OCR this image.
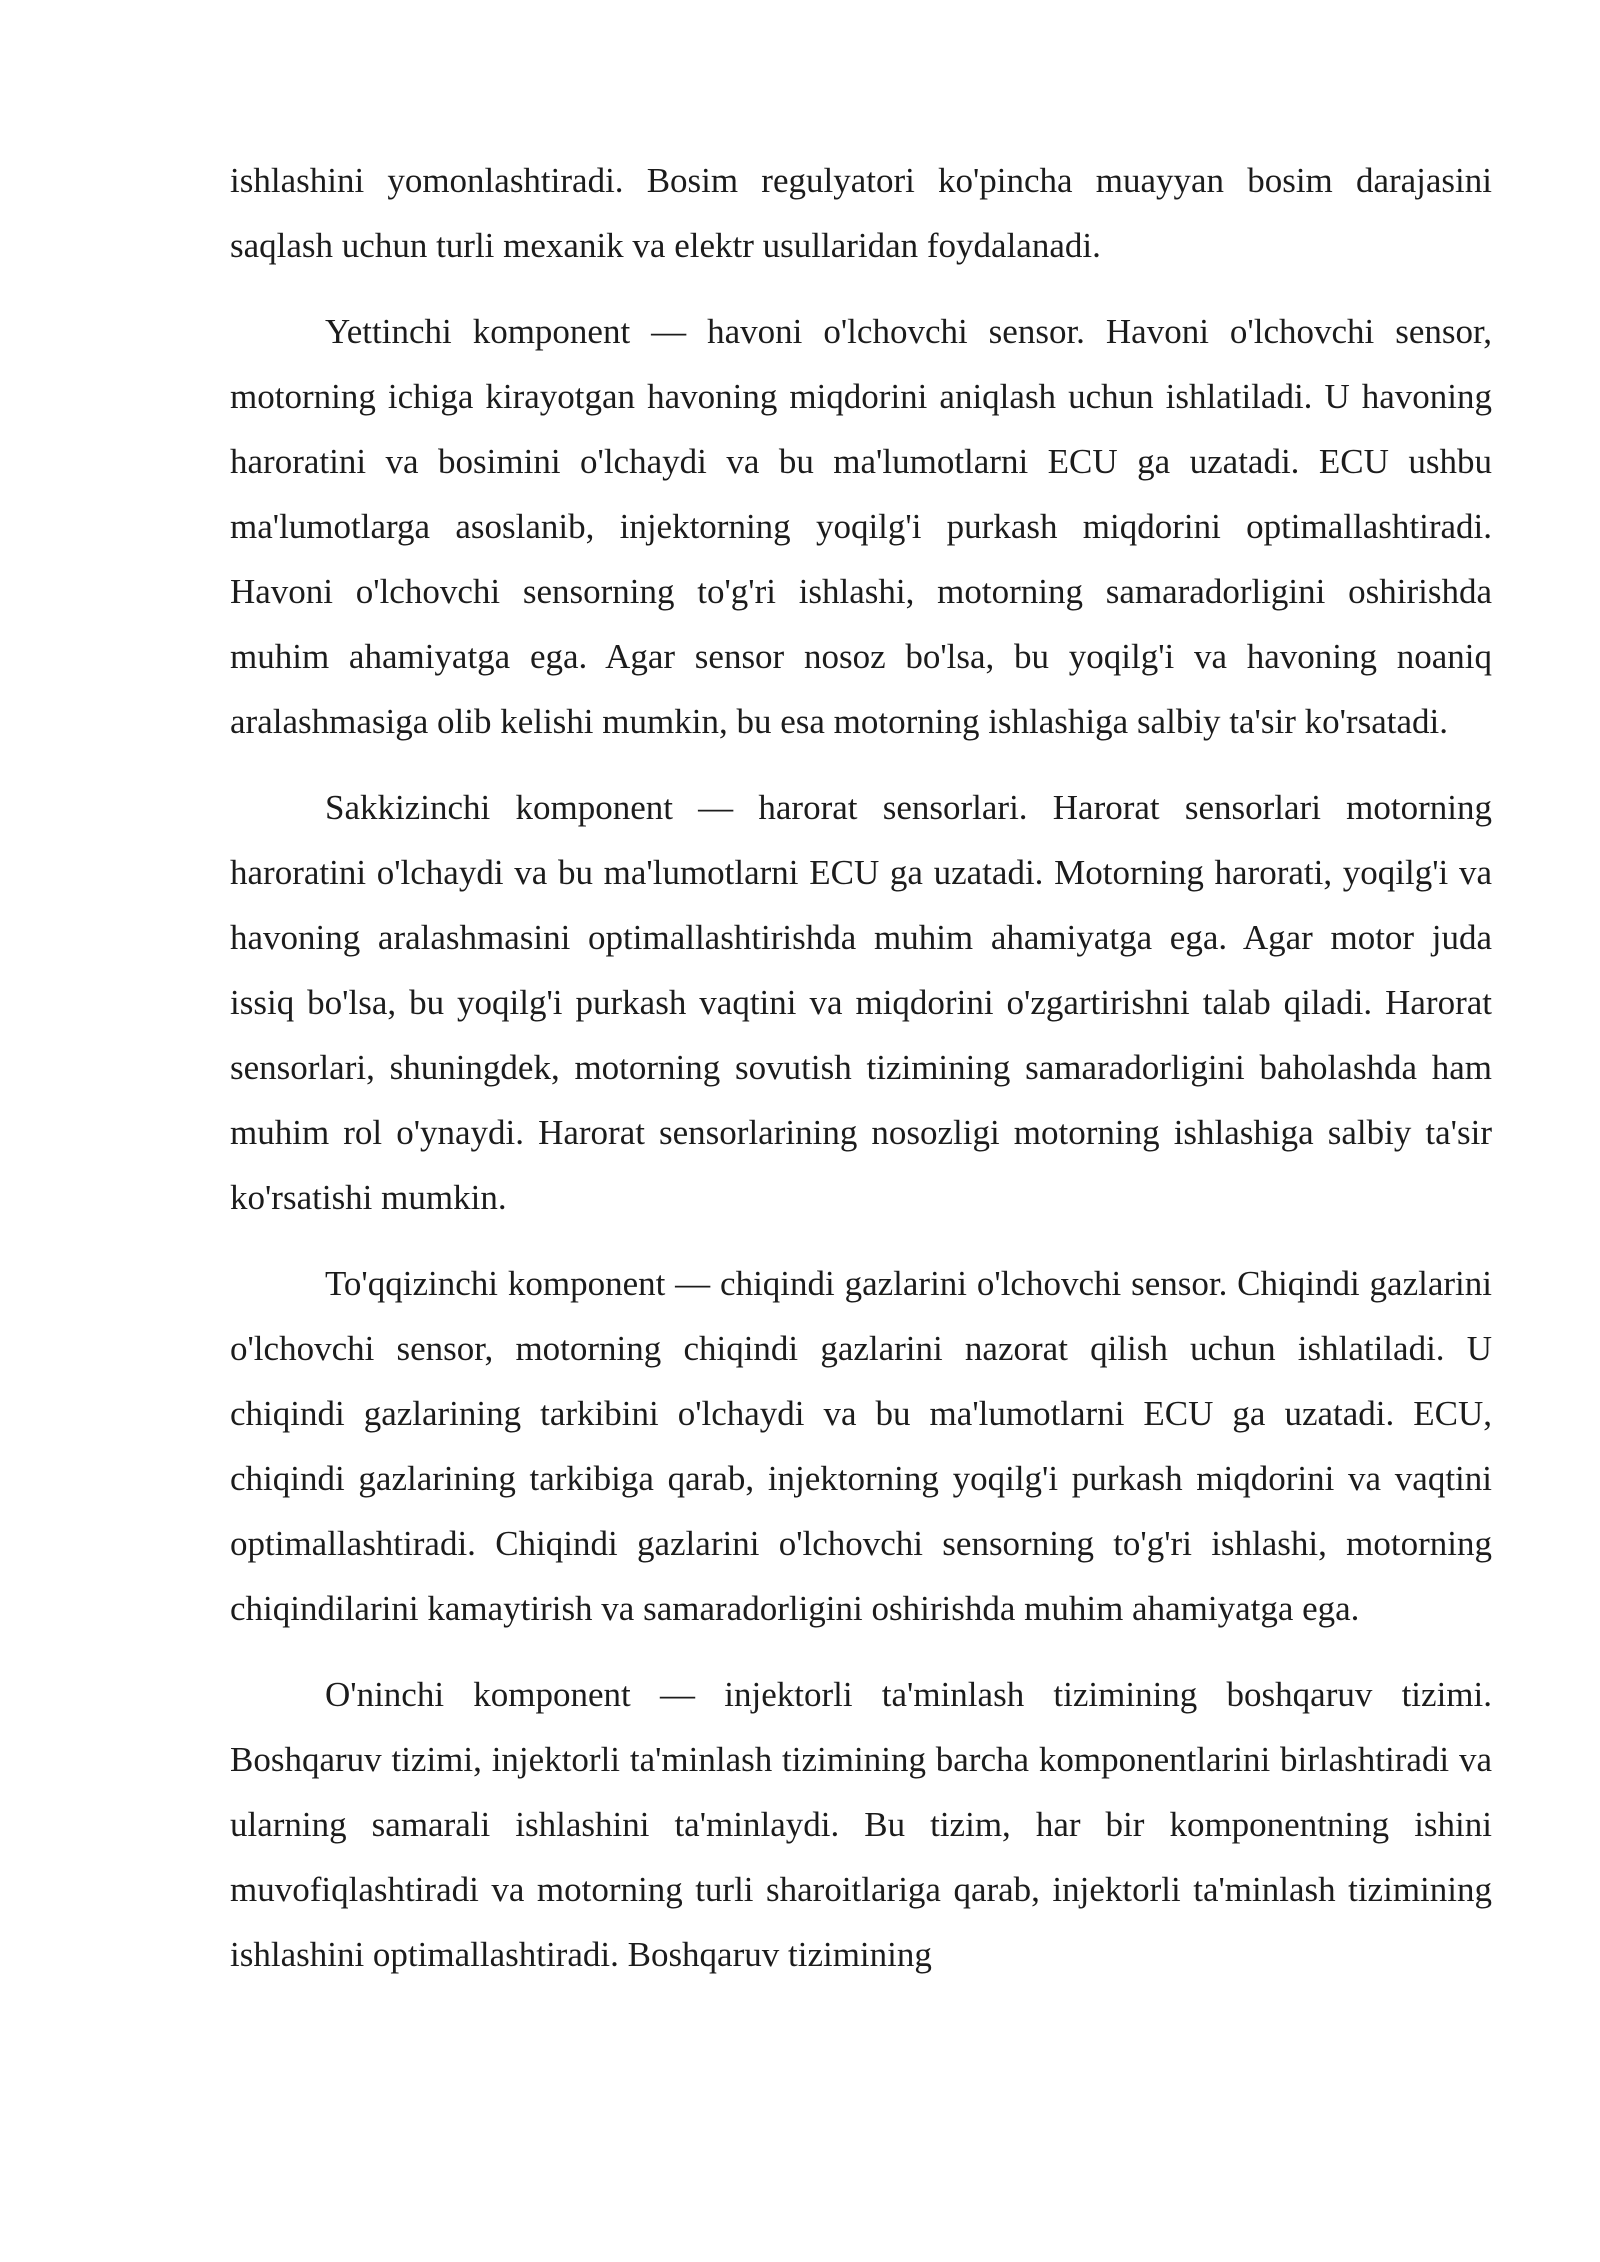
ishlashini yomonlashtiradi. Bosim regulyatori ko'pincha muayyan bosim darajasini saqlash uchun turli mexanik va elektr usullaridan foydalanadi.

Yettinchi komponent — havoni o'lchovchi sensor. Havoni o'lchovchi sensor, motorning ichiga kirayotgan havoning miqdorini aniqlash uchun ishlatiladi. U havoning haroratini va bosimini o'lchaydi va bu ma'lumotlarni ECU ga uzatadi. ECU ushbu ma'lumotlarga asoslanib, injektorning yoqilg'i purkash miqdorini optimallashtiradi. Havoni o'lchovchi sensorning to'g'ri ishlashi, motorning samaradorligini oshirishda muhim ahamiyatga ega. Agar sensor nosoz bo'lsa, bu yoqilg'i va havoning noaniq aralashmasiga olib kelishi mumkin, bu esa motorning ishlashiga salbiy ta'sir ko'rsatadi.

Sakkizinchi komponent — harorat sensorlari. Harorat sensorlari motorning haroratini o'lchaydi va bu ma'lumotlarni ECU ga uzatadi. Motorning harorati, yoqilg'i va havoning aralashmasini optimallashtirishda muhim ahamiyatga ega. Agar motor juda issiq bo'lsa, bu yoqilg'i purkash vaqtini va miqdorini o'zgartirishni talab qiladi. Harorat sensorlari, shuningdek, motorning sovutish tizimining samaradorligini baholashda ham muhim rol o'ynaydi. Harorat sensorlarining nosozligi motorning ishlashiga salbiy ta'sir ko'rsatishi mumkin.

To'qqizinchi komponent — chiqindi gazlarini o'lchovchi sensor. Chiqindi gazlarini o'lchovchi sensor, motorning chiqindi gazlarini nazorat qilish uchun ishlatiladi. U chiqindi gazlarining tarkibini o'lchaydi va bu ma'lumotlarni ECU ga uzatadi. ECU, chiqindi gazlarining tarkibiga qarab, injektorning yoqilg'i purkash miqdorini va vaqtini optimallashtiradi. Chiqindi gazlarini o'lchovchi sensorning to'g'ri ishlashi, motorning chiqindilarini kamaytirish va samaradorligini oshirishda muhim ahamiyatga ega.

O'ninchi komponent — injektorli ta'minlash tizimining boshqaruv tizimi. Boshqaruv tizimi, injektorli ta'minlash tizimining barcha komponentlarini birlashtiradi va ularning samarali ishlashini ta'minlaydi. Bu tizim, har bir komponentning ishini muvofiqlashtiradi va motorning turli sharoitlariga qarab, injektorli ta'minlash tizimining ishlashini optimallashtiradi. Boshqaruv tizimining
